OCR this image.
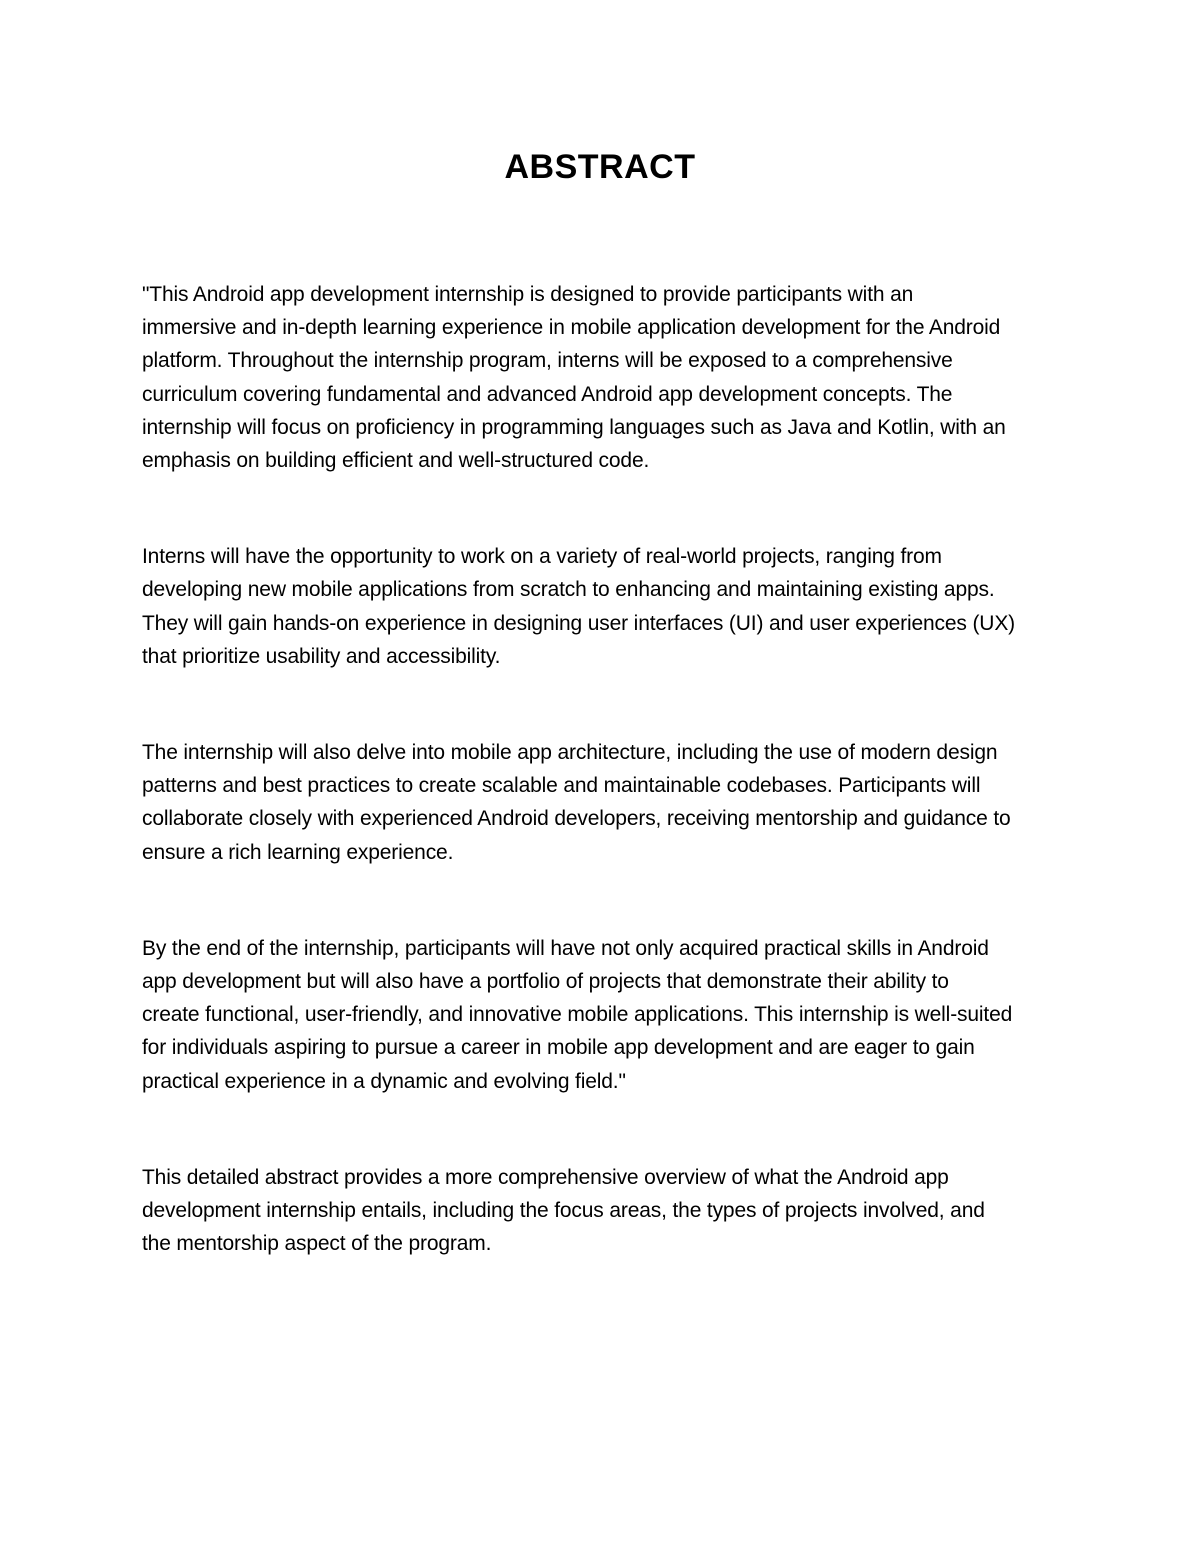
ABSTRACT

"This Android app development internship is designed to provide participants with an
immersive and in-depth learning experience in mobile application development for the Android
platform. Throughout the internship program, interns will be exposed to a comprehensive
curriculum covering fundamental and advanced Android app development concepts. The
internship will focus on proficiency in programming languages such as Java and Kotlin, with an
emphasis on building efficient and well-structured code.

Interns will have the opportunity to work on a variety of real-world projects, ranging from
developing new mobile applications from scratch to enhancing and maintaining existing apps.
They will gain hands-on experience in designing user interfaces (UI) and user experiences (UX)
that prioritize usability and accessibility.

The internship will also delve into mobile app architecture, including the use of modern design
patterns and best practices to create scalable and maintainable codebases. Participants will
collaborate closely with experienced Android developers, receiving mentorship and guidance to
ensure a rich learning experience.

By the end of the internship, participants will have not only acquired practical skills in Android
app development but will also have a portfolio of projects that demonstrate their ability to
create functional, user-friendly, and innovative mobile applications. This internship is well-suited
for individuals aspiring to pursue a career in mobile app development and are eager to gain
practical experience in a dynamic and evolving field."

This detailed abstract provides a more comprehensive overview of what the Android app
development internship entails, including the focus areas, the types of projects involved, and
the mentorship aspect of the program.
